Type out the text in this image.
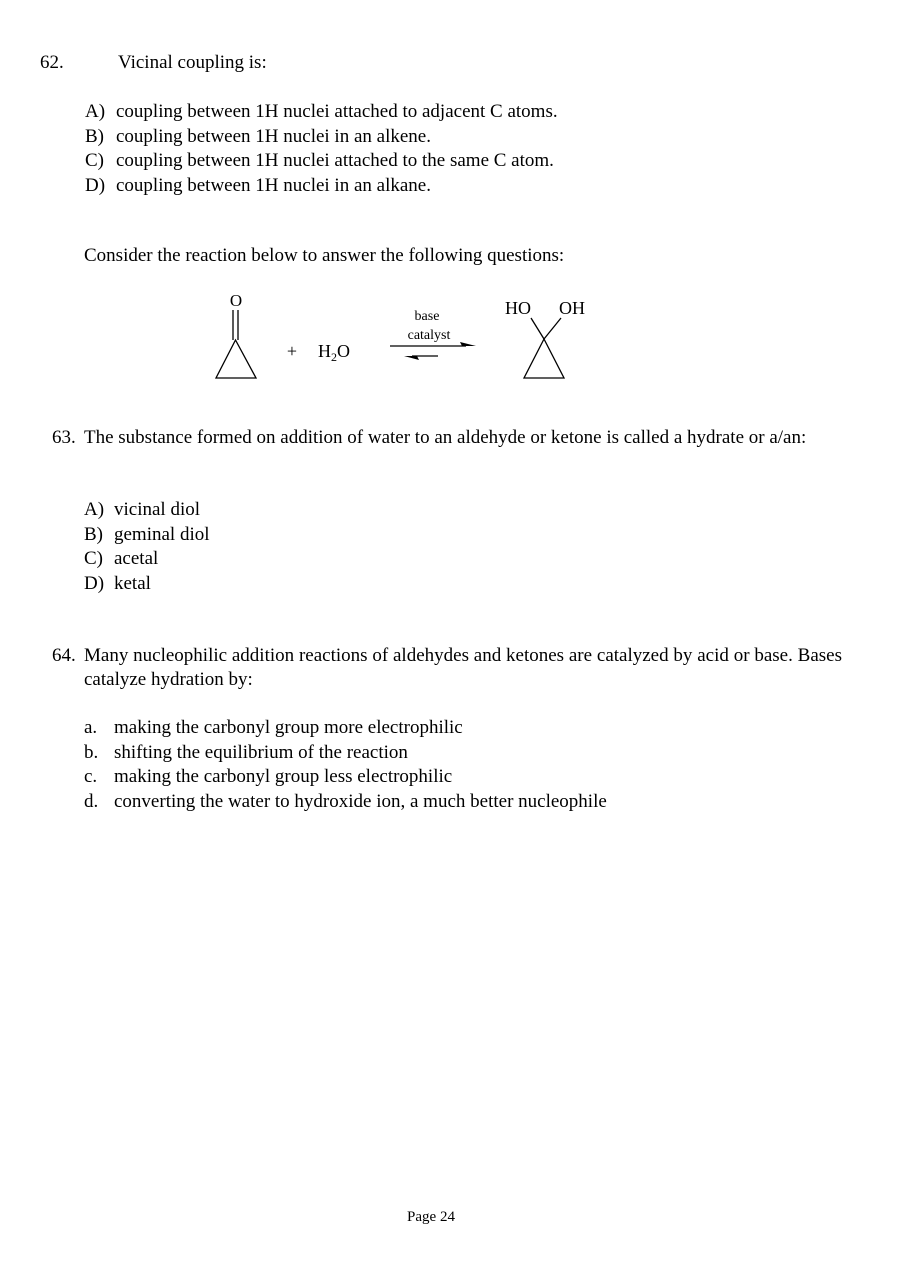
62.	Vicinal coupling is:
A) coupling between 1H nuclei attached to adjacent C atoms.
B) coupling between 1H nuclei in an alkene.
C) coupling between 1H nuclei attached to the same C atom.
D) coupling between 1H nuclei in an alkane.
Consider the reaction below to answer the following questions:
O
+ $H_2O$
base
catalyst
HO OH
63. The substance formed on addition of water to an aldehyde or ketone is called a hydrate or a/an:
A) vicinal diol
B) geminal diol
C) acetal
D) ketal
64. Many nucleophilic addition reactions of aldehydes and ketones are catalyzed by acid or base. Bases catalyze hydration by:
a. making the carbonyl group more electrophilic
b. shifting the equilibrium of the reaction
c. making the carbonyl group less electrophilic
d. converting the water to hydroxide ion, a much better nucleophile
Page 24
